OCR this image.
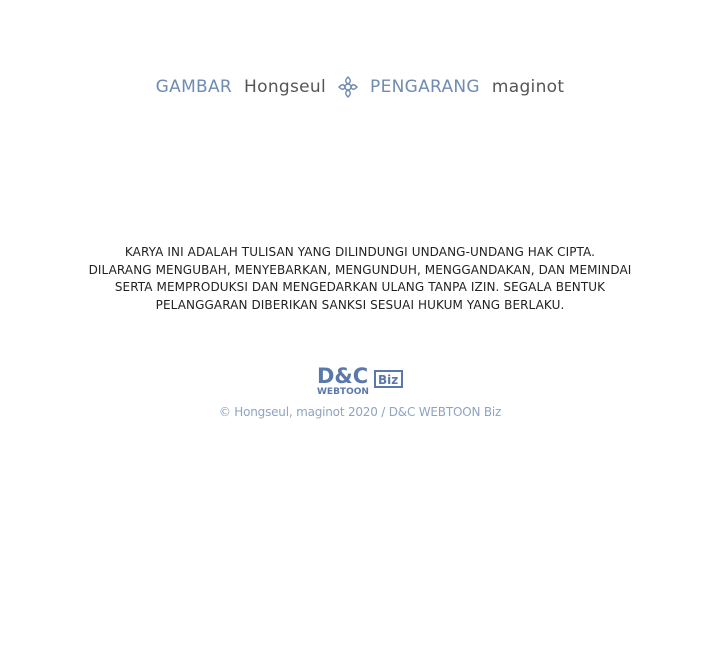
GAMBAR Hongseul	PENGARANG maginot
KARYA INI ADALAH TULISAN YANG DILINDUNGI UNDANG-UNDANG HAK CIPTA.
DILARANG MENGUBAH, MENYEBARKAN, MENGUNDUH, MENGGANDAKAN, DAN MEMINDAI
SERTA MEMPRODUKSI DAN MENGEDARKAN ULANG TANPA IZIN. SEGALA BENTUK
PELANGGARAN DIBERIKAN SANKSI SESUAI HUKUM YANG BERLAKU.
D&C
WEBTOON
Biz
© Hongseul, maginot 2020 / D&C WEBTOON Biz
